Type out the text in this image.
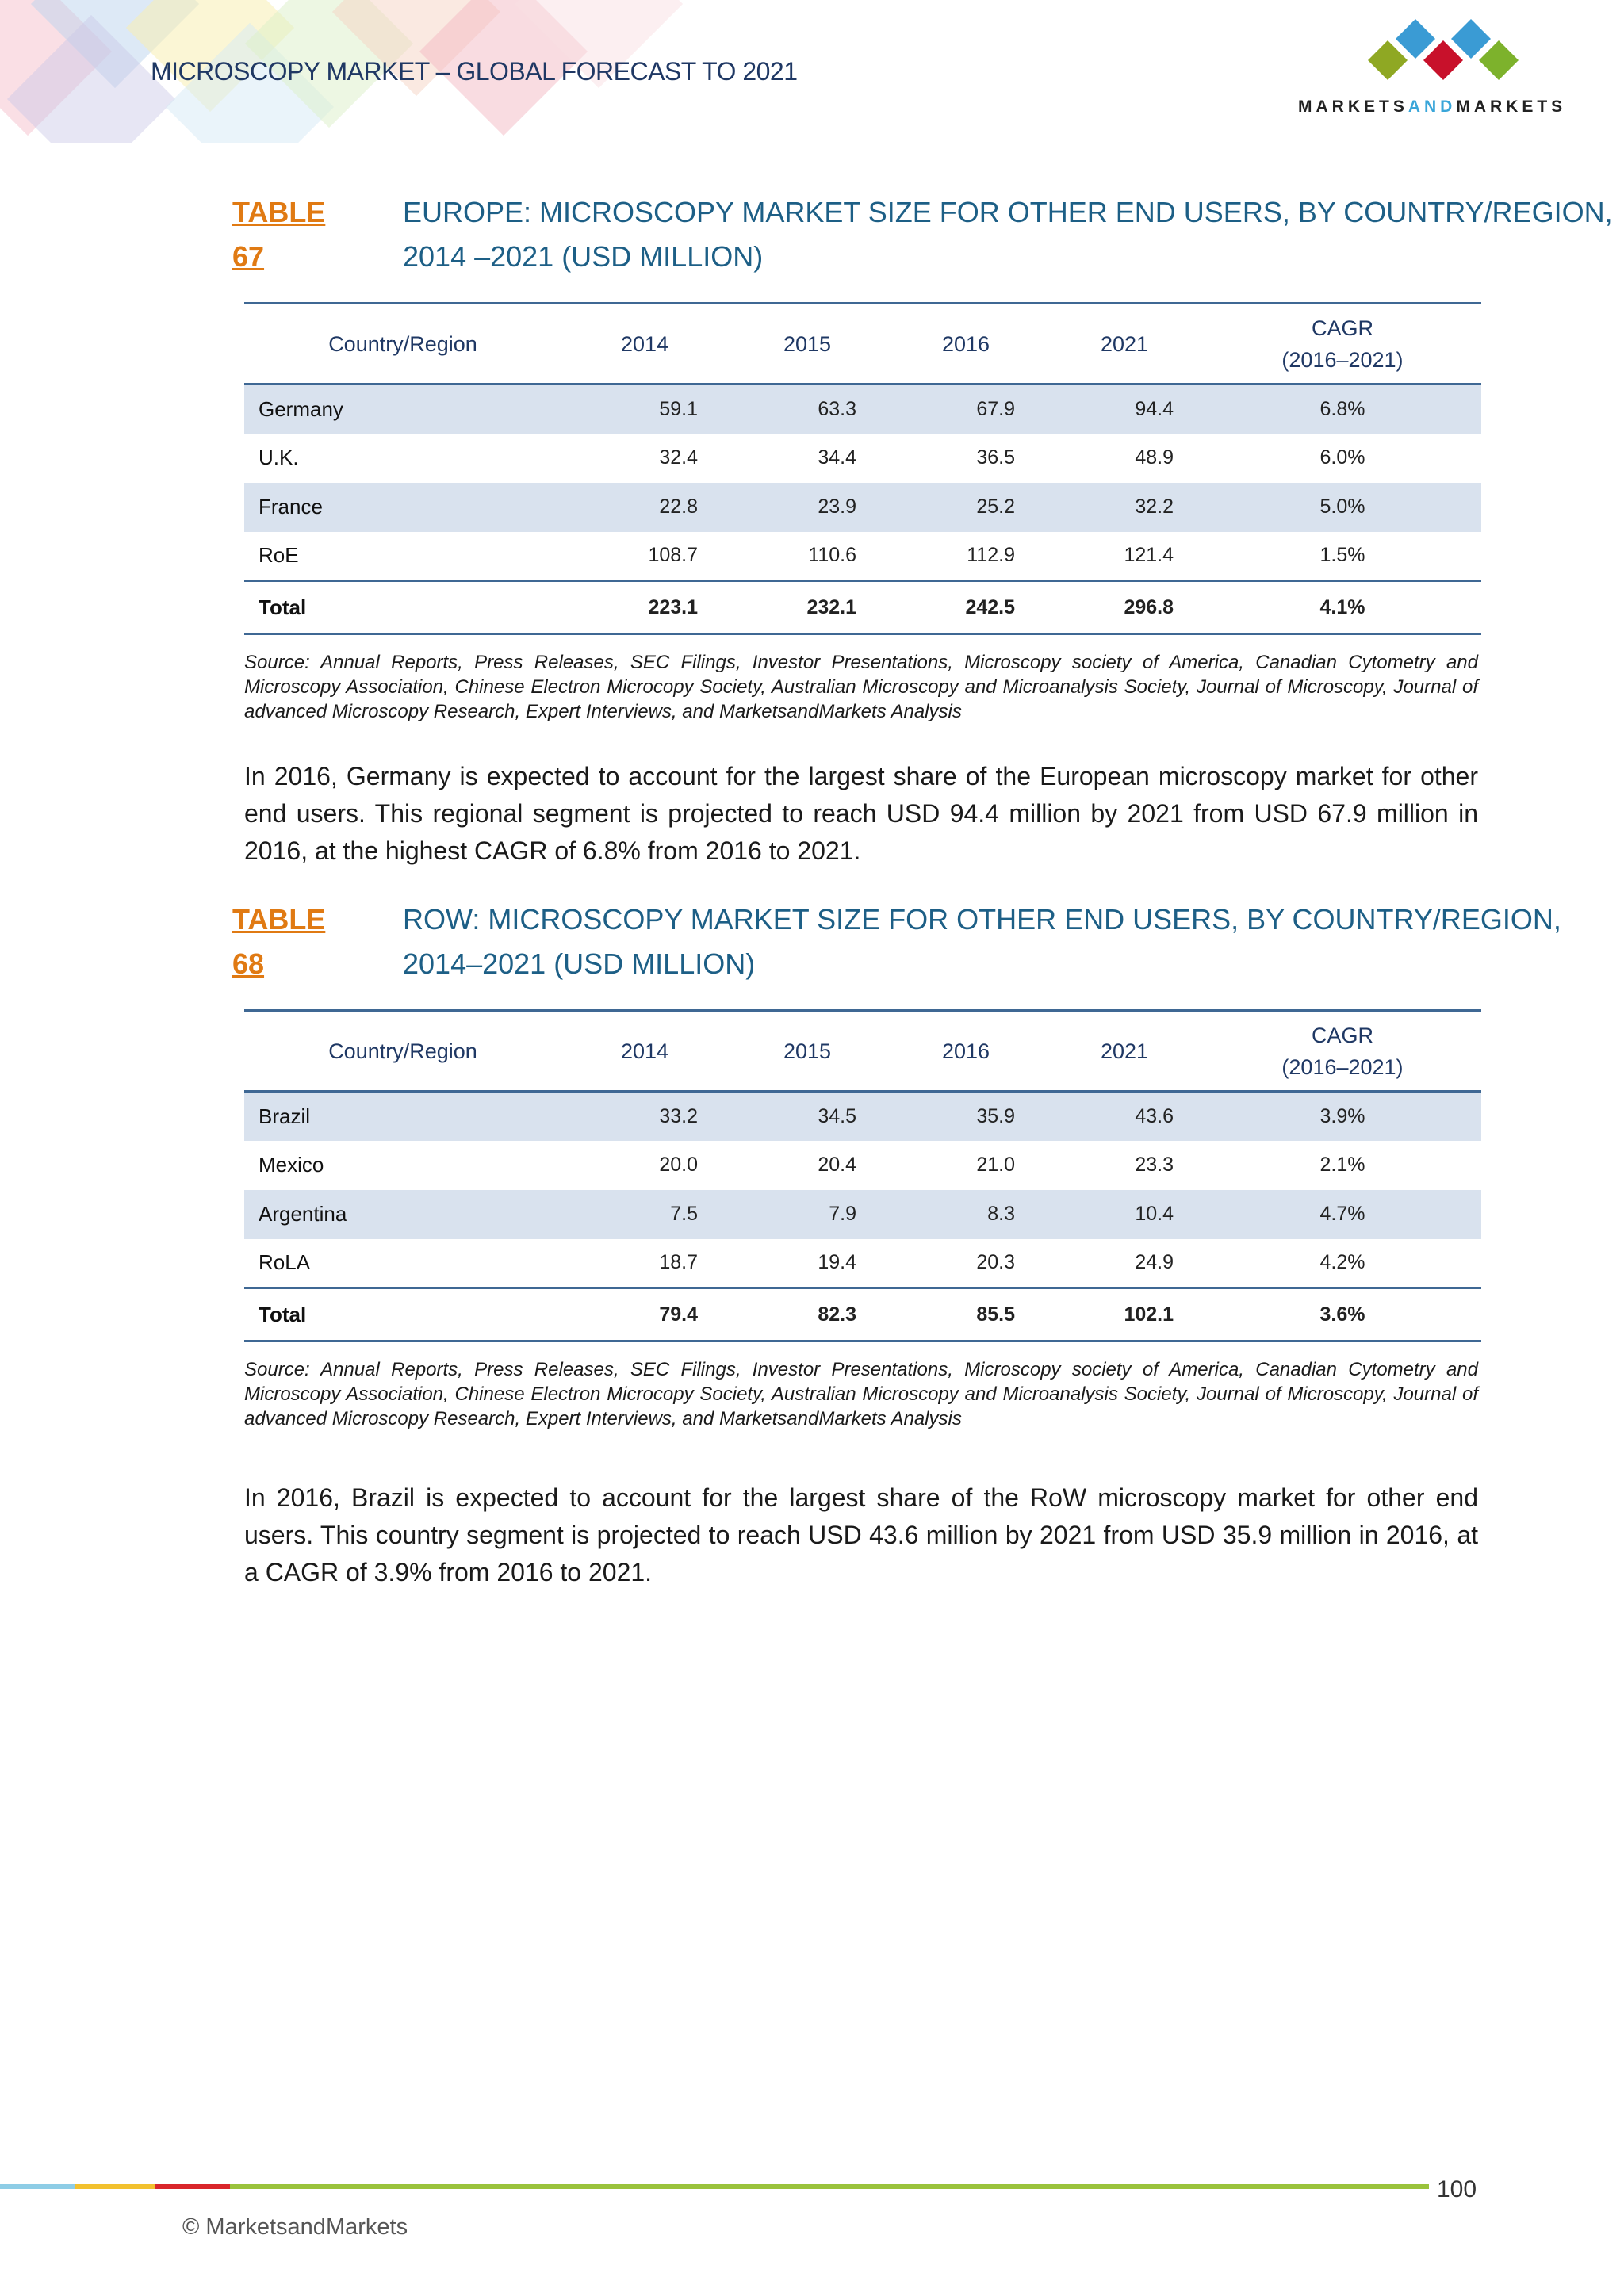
MICROSCOPY MARKET – GLOBAL FORECAST TO 2021
MARKETSANDMARKETS
TABLE 67
EUROPE: MICROSCOPY MARKET SIZE FOR OTHER END USERS, BY COUNTRY/REGION,
2014 –2021 (USD MILLION)
Country/Region	2014	2015	2016	2021	CAGR
(2016–2021)
Germany	59.1	63.3	67.9	94.4	6.8%
U.K.	32.4	34.4	36.5	48.9	6.0%
France	22.8	23.9	25.2	32.2	5.0%
RoE	108.7	110.6	112.9	121.4	1.5%
Total	223.1	232.1	242.5	296.8	4.1%
Source: Annual Reports, Press Releases, SEC Filings, Investor Presentations, Microscopy society of America, Canadian Cytometry and Microscopy Association, Chinese Electron Microcopy Society, Australian Microscopy and Microanalysis Society, Journal of Microscopy, Journal of advanced Microscopy Research, Expert Interviews, and MarketsandMarkets Analysis
In 2016, Germany is expected to account for the largest share of the European microscopy market for other end users. This regional segment is projected to reach USD 94.4 million by 2021 from USD 67.9 million in 2016, at the highest CAGR of 6.8% from 2016 to 2021.
TABLE 68
ROW: MICROSCOPY MARKET SIZE FOR OTHER END USERS, BY COUNTRY/REGION,
2014–2021 (USD MILLION)
Country/Region	2014	2015	2016	2021	CAGR
(2016–2021)
Brazil	33.2	34.5	35.9	43.6	3.9%
Mexico	20.0	20.4	21.0	23.3	2.1%
Argentina	7.5	7.9	8.3	10.4	4.7%
RoLA	18.7	19.4	20.3	24.9	4.2%
Total	79.4	82.3	85.5	102.1	3.6%
Source: Annual Reports, Press Releases, SEC Filings, Investor Presentations, Microscopy society of America, Canadian Cytometry and Microscopy Association, Chinese Electron Microcopy Society, Australian Microscopy and Microanalysis Society, Journal of Microscopy, Journal of advanced Microscopy Research, Expert Interviews, and MarketsandMarkets Analysis
In 2016, Brazil is expected to account for the largest share of the RoW microscopy market for other end users. This country segment is projected to reach USD 43.6 million by 2021 from USD 35.9 million in 2016, at a CAGR of 3.9% from 2016 to 2021.
100
© MarketsandMarkets
